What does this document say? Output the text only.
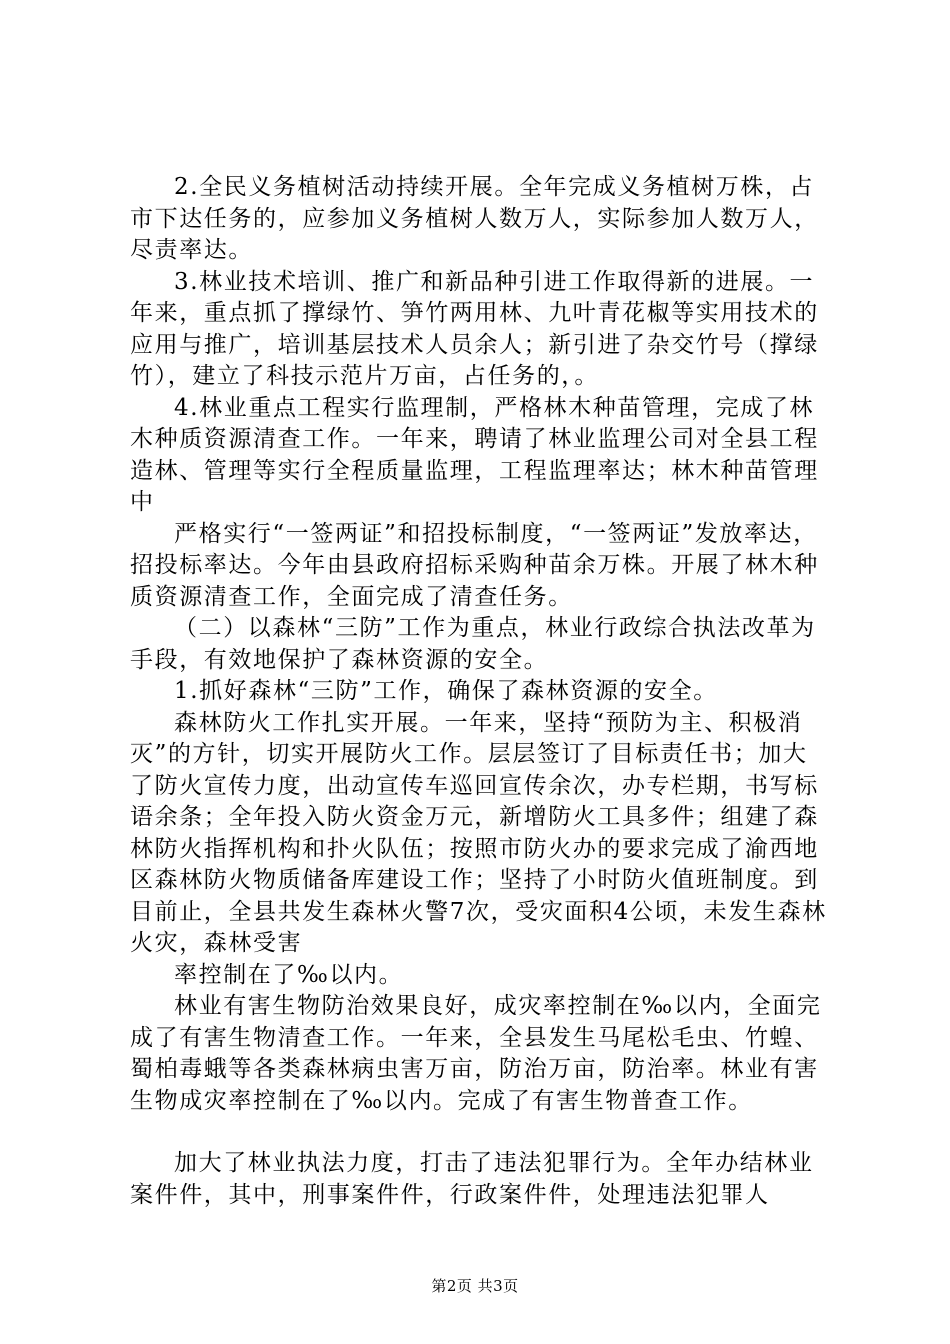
2.全民义务植树活动持续开展。全年完成义务植树万株，占市下达任务的，应参加义务植树人数万人，实际参加人数万人，尽责率达。

3.林业技术培训、推广和新品种引进工作取得新的进展。一年来，重点抓了撑绿竹、笋竹两用林、九叶青花椒等实用技术的应用与推广，培训基层技术人员余人；新引进了杂交竹号（撑绿竹），建立了科技示范片万亩，占任务的，。

4.林业重点工程实行监理制，严格林木种苗管理，完成了林木种质资源清查工作。一年来，聘请了林业监理公司对全县工程造林、管理等实行全程质量监理，工程监理率达；林木种苗管理中

严格实行“一签两证”和招投标制度，“一签两证”发放率达，招投标率达。今年由县政府招标采购种苗余万株。开展了林木种质资源清查工作，全面完成了清查任务。

（二）以森林“三防”工作为重点，林业行政综合执法改革为手段，有效地保护了森林资源的安全。

1.抓好森林“三防”工作，确保了森林资源的安全。

森林防火工作扎实开展。一年来，坚持“预防为主、积极消灭”的方针，切实开展防火工作。层层签订了目标责任书；加大了防火宣传力度，出动宣传车巡回宣传余次，办专栏期，书写标语余条；全年投入防火资金万元，新增防火工具多件；组建了森林防火指挥机构和扑火队伍；按照市防火办的要求完成了渝西地区森林防火物质储备库建设工作；坚持了小时防火值班制度。到目前止，全县共发生森林火警7次，受灾面积4公顷，未发生森林火灾，森林受害

率控制在了‰以内。

林业有害生物防治效果良好，成灾率控制在‰以内，全面完成了有害生物清查工作。一年来，全县发生马尾松毛虫、竹蝗、蜀柏毒蛾等各类森林病虫害万亩，防治万亩，防治率。林业有害生物成灾率控制在了‰以内。完成了有害生物普查工作。

加大了林业执法力度，打击了违法犯罪行为。全年办结林业案件件，其中，刑事案件件，行政案件件，处理违法犯罪人

第2页 共3页
